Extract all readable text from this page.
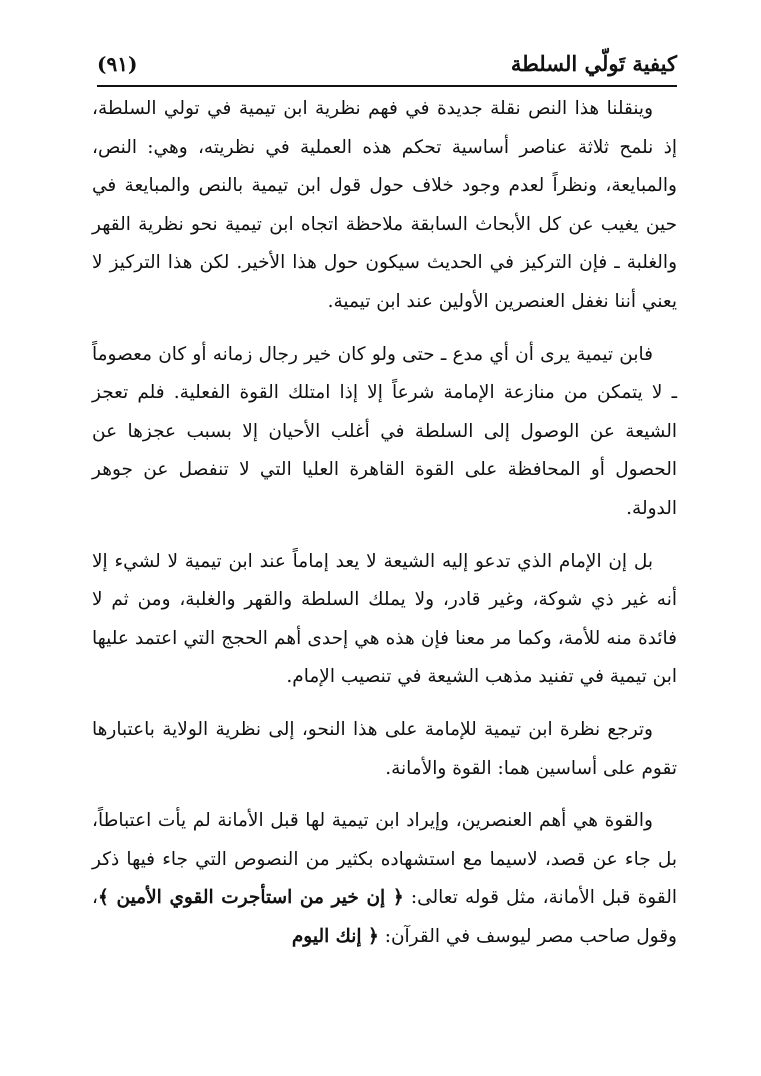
كيفية تَولّي السلطة
(٩١)

وينقلنا هذا النص نقلة جديدة في فهم نظرية ابن تيمية في تولي السلطة، إذ نلمح ثلاثة عناصر أساسية تحكم هذه العملية في نظريته، وهي: النص، والمبايعة، ونظراً لعدم وجود خلاف حول قول ابن تيمية بالنص والمبايعة في حين يغيب عن كل الأبحاث السابقة ملاحظة اتجاه ابن تيمية نحو نظرية القهر والغلبة ـ فإن التركيز في الحديث سيكون حول هذا الأخير. لكن هذا التركيز لا يعني أننا نغفل العنصرين الأولين عند ابن تيمية.

فابن تيمية يرى أن أي مدع ـ حتى ولو كان خير رجال زمانه أو كان معصوماً ـ لا يتمكن من منازعة الإمامة شرعاً إلا إذا امتلك القوة الفعلية. فلم تعجز الشيعة عن الوصول إلى السلطة في أغلب الأحيان إلا بسبب عجزها عن الحصول أو المحافظة على القوة القاهرة العليا التي لا تنفصل عن جوهر الدولة.

بل إن الإمام الذي تدعو إليه الشيعة لا يعد إماماً عند ابن تيمية لا لشيء إلا أنه غير ذي شوكة، وغير قادر، ولا يملك السلطة والقهر والغلبة، ومن ثم لا فائدة منه للأمة، وكما مر معنا فإن هذه هي إحدى أهم الحجج التي اعتمد عليها ابن تيمية في تفنيد مذهب الشيعة في تنصيب الإمام.

وترجع نظرة ابن تيمية للإمامة على هذا النحو، إلى نظرية الولاية باعتبارها تقوم على أساسين هما: القوة والأمانة.

والقوة هي أهم العنصرين، وإيراد ابن تيمية لها قبل الأمانة لم يأت اعتباطاً، بل جاء عن قصد، لاسيما مع استشهاده بكثير من النصوص التي جاء فيها ذكر القوة قبل الأمانة، مثل قوله تعالى: ﴿ إن خير من استأجرت القوي الأمين ﴾، وقول صاحب مصر ليوسف في القرآن: ﴿ إنك اليوم
